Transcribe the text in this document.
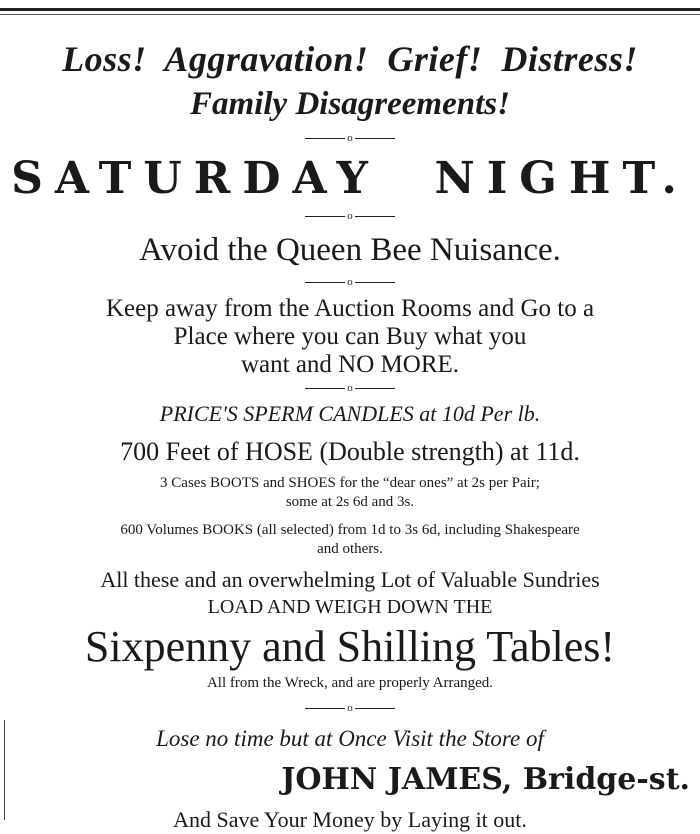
Loss!  Aggravation!  Grief!  Distress!

Family Disagreements!

o

SATURDAY  NIGHT.

o

Avoid the Queen Bee Nuisance.

o

Keep away from the Auction Rooms and Go to a

Place where you can Buy what you

want and NO MORE.

o

PRICE'S SPERM CANDLES at 10d Per lb.

700 Feet of HOSE (Double strength) at 11d.

3 Cases BOOTS and SHOES for the “dear ones” at 2s per Pair;

some at 2s 6d and 3s.

600 Volumes BOOKS (all selected) from 1d to 3s 6d, including Shakespeare

and others.

All these and an overwhelming Lot of Valuable Sundries

LOAD AND WEIGH DOWN THE

Sixpenny and Shilling Tables!

All from the Wreck, and are properly Arranged.

o

Lose no time but at Once Visit the Store of

JOHN JAMES, Bridge-st.

And Save Your Money by Laying it out.
